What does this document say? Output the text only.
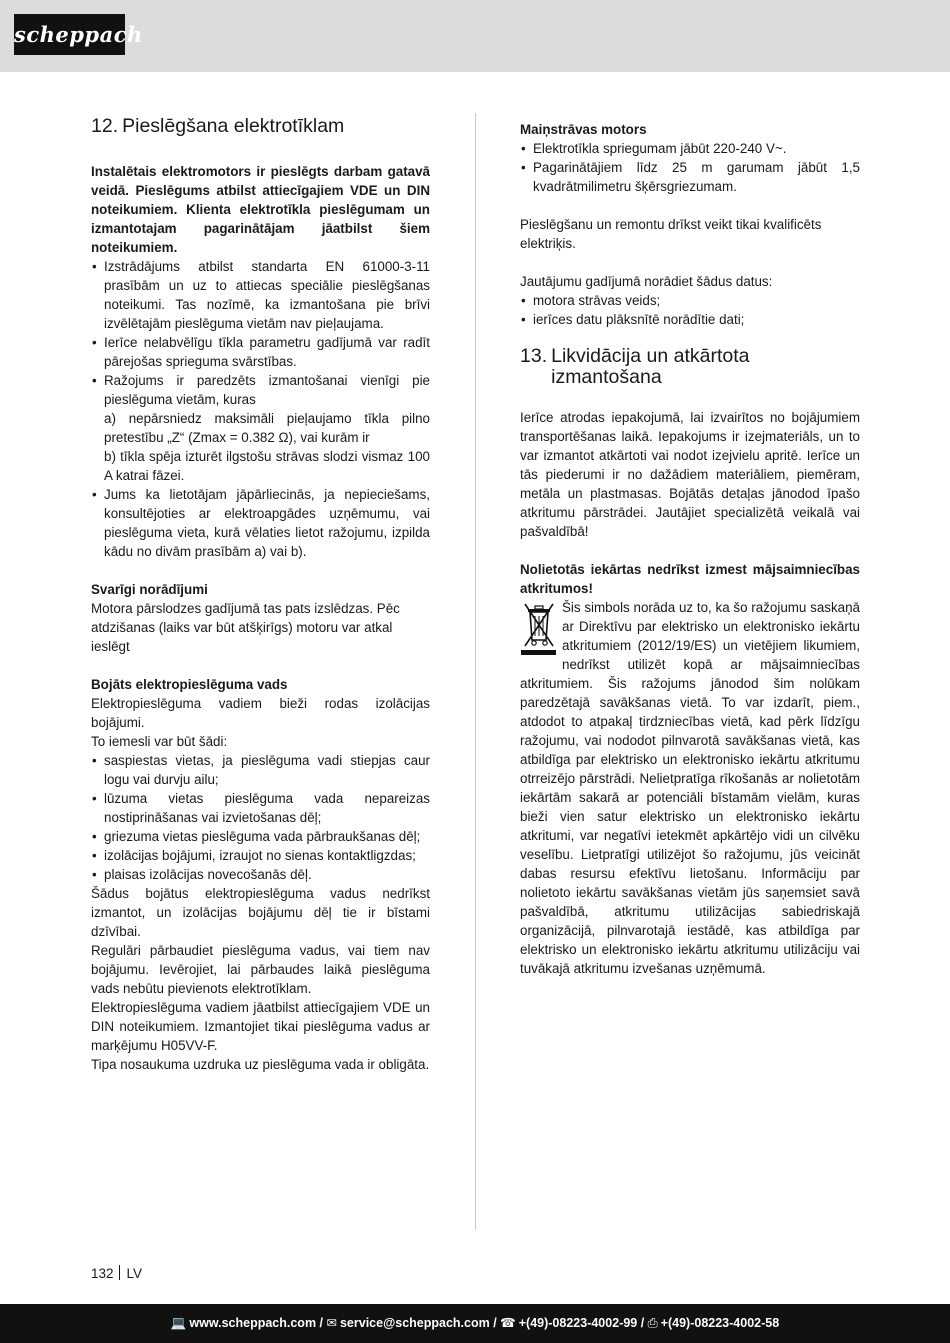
scheppach
12. Pieslēgšana elektrotīklam

Instalētais elektromotors ir pieslēgts darbam gatavā veidā. Pieslēgums atbilst attiecīgajiem VDE un DIN noteikumiem. Klienta elektrotīkla pieslēgumam un izmantotajam pagarinātājam jāatbilst šiem noteikumiem.

• Izstrādājums atbilst standarta EN 61000-3-11 prasībām un uz to attiecas speciālie pieslēgšanas noteikumi. Tas nozīmē, ka izmantošana pie brīvi izvēlētajām pieslēguma vietām nav pieļaujama.
• Ierīce nelabvēlīgu tīkla parametru gadījumā var radīt pārejošas sprieguma svārstības.
• Ražojums ir paredzēts izmantošanai vienīgi pie pieslēguma vietām, kuras
a) nepārsniedz maksimāli pieļaujamo tīkla pilno pretestību „Z“ (Zmax = 0.382 Ω), vai kurām ir
b) tīkla spēja izturēt ilgstošu strāvas slodzi vismaz 100 A katrai fāzei.
• Jums ka lietotājam jāpārliecinās, ja nepieciešams, konsultējoties ar elektroapgādes uzņēmumu, vai pieslēguma vieta, kurā vēlaties lietot ražojumu, izpilda kādu no divām prasībām a) vai b).

Svarīgi norādījumi

Motora pārslodzes gadījumā tas pats izslēdzas. Pēc atdzišanas (laiks var būt atšķirīgs) motoru var atkal ieslēgt

Bojāts elektropieslēguma vads

Elektropieslēguma vadiem bieži rodas izolācijas bojājumi.

To iemesli var būt šādi:

• saspiestas vietas, ja pieslēguma vadi stiepjas caur logu vai durvju ailu;
• lūzuma vietas pieslēguma vada nepareizas nostiprināšanas vai izvietošanas dēļ;
• griezuma vietas pieslēguma vada pārbraukšanas dēļ;
• izolācijas bojājumi, izraujot no sienas kontaktligzdas;
• plaisas izolācijas novecošanās dēļ.

Šādus bojātus elektropieslēguma vadus nedrīkst izmantot, un izolācijas bojājumu dēļ tie ir bīstami dzīvībai.

Regulāri pārbaudiet pieslēguma vadus, vai tiem nav bojājumu. Ievērojiet, lai pārbaudes laikā pieslēguma vads nebūtu pievienots elektrotīklam.

Elektropieslēguma vadiem jāatbilst attiecīgajiem VDE un DIN noteikumiem. Izmantojiet tikai pieslēguma vadus ar marķējumu H05VV-F.

Tipa nosaukuma uzdruka uz pieslēguma vada ir obligāta.

Maiņstrāvas motors

• Elektrotīkla spriegumam jābūt 220-240 V~.
• Pagarinātājiem līdz 25 m garumam jābūt 1,5 kvadrātmilimetru šķērsgriezumam.

Pieslēgšanu un remontu drīkst veikt tikai kvalificēts elektriķis.

Jautājumu gadījumā norādiet šādus datus:

• motora strāvas veids;
• ierīces datu plāksnītē norādītie dati;
13. Likvidācija un atkārtota izmantošana

Ierīce atrodas iepakojumā, lai izvairītos no bojājumiem transportēšanas laikā. Iepakojums ir izejmateriāls, un to var izmantot atkārtoti vai nodot izejvielu apritē. Ierīce un tās piederumi ir no dažādiem materiāliem, piemēram, metāla un plastmasas. Bojātās detaļas jānodod īpašo atkritumu pārstrādei. Jautājiet specializētā veikalā vai pašvaldībā!

Nolietotās iekārtas nedrīkst izmest mājsaimniecības atkritumos!

Šis simbols norāda uz to, ka šo ražojumu saskaņā ar Direktīvu par elektrisko un elektronisko iekārtu atkritumiem (2012/19/ES) un vietējiem likumiem, nedrīkst utilizēt kopā ar mājsaimniecības atkritumiem. Šis ražojums jānodod šim nolūkam paredzētajā savākšanas vietā. To var izdarīt, piem., atdodot to atpakaļ tirdzniecības vietā, kad pērk līdzīgu ražojumu, vai nododot pilnvarotā savākšanas vietā, kas atbildīga par elektrisko un elektronisko iekārtu atkritumu otrreizējo pārstrādi. Nelietpratīga rīkošanās ar nolietotām iekārtām sakarā ar potenciāli bīstamām vielām, kuras bieži vien satur elektrisko un elektronisko iekārtu atkritumi, var negatīvi ietekmēt apkārtējo vidi un cilvēku veselību. Lietpratīgi utilizējot šo ražojumu, jūs veicināt dabas resursu efektīvu lietošanu. Informāciju par nolietoto iekārtu savākšanas vietām jūs saņemsiet savā pašvaldībā, atkritumu utilizācijas sabiedriskajā organizācijā, pilnvarotajā iestādē, kas atbildīga par elektrisko un elektronisko iekārtu atkritumu utilizāciju vai tuvākajā atkritumu izvešanas uzņēmumā.

132 LV
💻 www.scheppach.com / ✉ service@scheppach.com / ☎ +(49)-08223-4002-99 / ⎙ +(49)-08223-4002-58
